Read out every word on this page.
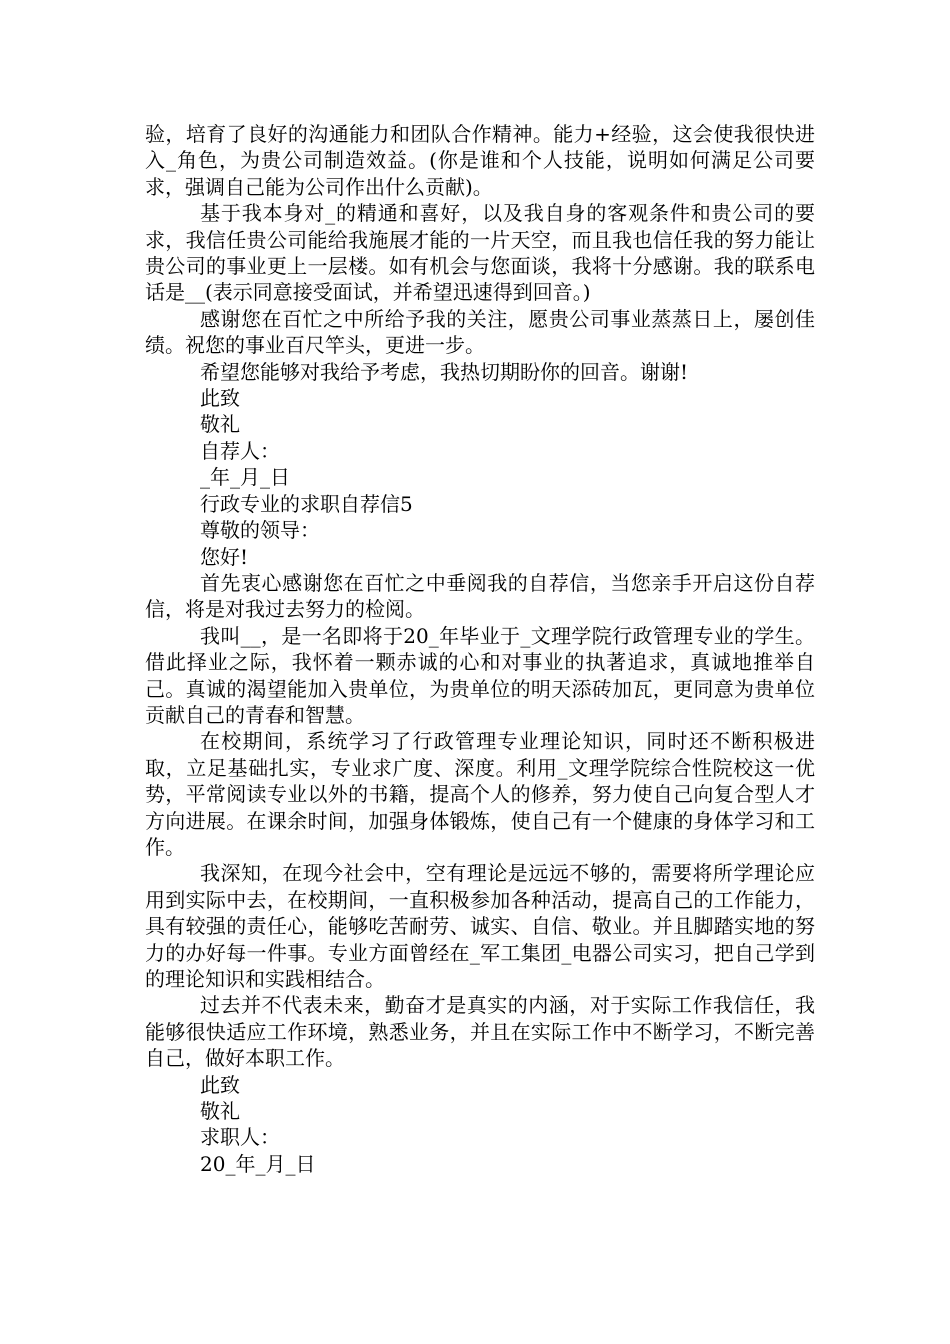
验，培育了良好的沟通能力和团队合作精神。能力+经验，这会使我很快进入_角色，为贵公司制造效益。(你是谁和个人技能，说明如何满足公司要求，强调自己能为公司作出什么贡献)。

基于我本身对_的精通和喜好，以及我自身的客观条件和贵公司的要求，我信任贵公司能给我施展才能的一片天空，而且我也信任我的努力能让贵公司的事业更上一层楼。如有机会与您面谈，我将十分感谢。我的联系电话是__(表示同意接受面试，并希望迅速得到回音。)

感谢您在百忙之中所给予我的关注，愿贵公司事业蒸蒸日上，屡创佳绩。祝您的事业百尺竿头，更进一步。

希望您能够对我给予考虑，我热切期盼你的回音。谢谢!

此致

敬礼

自荐人：

_年_月_日

行政专业的求职自荐信5

尊敬的领导：

您好!

首先衷心感谢您在百忙之中垂阅我的自荐信，当您亲手开启这份自荐信，将是对我过去努力的检阅。

我叫__，是一名即将于20_年毕业于_文理学院行政管理专业的学生。借此择业之际，我怀着一颗赤诚的心和对事业的执著追求，真诚地推举自己。真诚的渴望能加入贵单位，为贵单位的明天添砖加瓦，更同意为贵单位贡献自己的青春和智慧。

在校期间，系统学习了行政管理专业理论知识，同时还不断积极进取，立足基础扎实，专业求广度、深度。利用_文理学院综合性院校这一优势，平常阅读专业以外的书籍，提高个人的修养，努力使自己向复合型人才方向进展。在课余时间，加强身体锻炼，使自己有一个健康的身体学习和工作。

我深知，在现今社会中，空有理论是远远不够的，需要将所学理论应用到实际中去，在校期间，一直积极参加各种活动，提高自己的工作能力，具有较强的责任心，能够吃苦耐劳、诚实、自信、敬业。并且脚踏实地的努力的办好每一件事。专业方面曾经在_军工集团_电器公司实习，把自己学到的理论知识和实践相结合。

过去并不代表未来，勤奋才是真实的内涵，对于实际工作我信任，我能够很快适应工作环境，熟悉业务，并且在实际工作中不断学习，不断完善自己，做好本职工作。

此致

敬礼

求职人：

20_年_月_日
